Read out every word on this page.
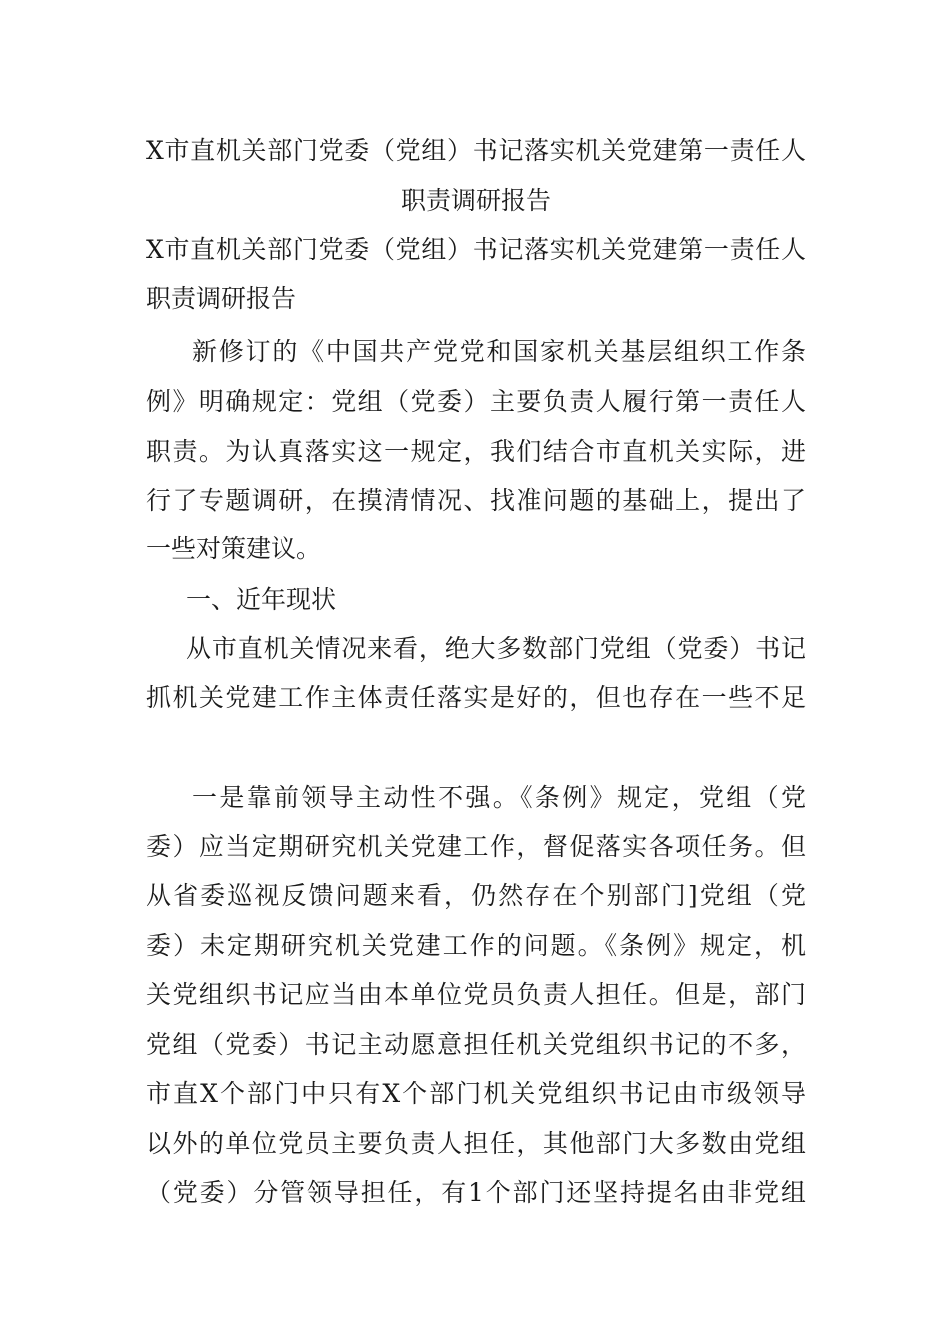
X市直机关部门党委（党组）书记落实机关党建第一责任人
职责调研报告
X市直机关部门党委（党组）书记落实机关党建第一责任人
职责调研报告
新修订的《中国共产党党和国家机关基层组织工作条
例》明确规定：党组（党委）主要负责人履行第一责任人
职责。为认真落实这一规定，我们结合市直机关实际，进
行了专题调研，在摸清情况、找准问题的基础上，提出了
一些对策建议。
一、近年现状
从市直机关情况来看，绝大多数部门党组（党委）书记
抓机关党建工作主体责任落实是好的，但也存在一些不足
一是靠前领导主动性不强。《条例》规定，党组（党
委）应当定期研究机关党建工作，督促落实各项任务。但
从省委巡视反馈问题来看，仍然存在个别部门]党组（党
委）未定期研究机关党建工作的问题。《条例》规定，机
关党组织书记应当由本单位党员负责人担任。但是，部门
党组（党委）书记主动愿意担任机关党组织书记的不多，
市直X个部门中只有X个部门机关党组织书记由市级领导
以外的单位党员主要负责人担任，其他部门大多数由党组
（党委）分管领导担任，有1个部门还坚持提名由非党组
